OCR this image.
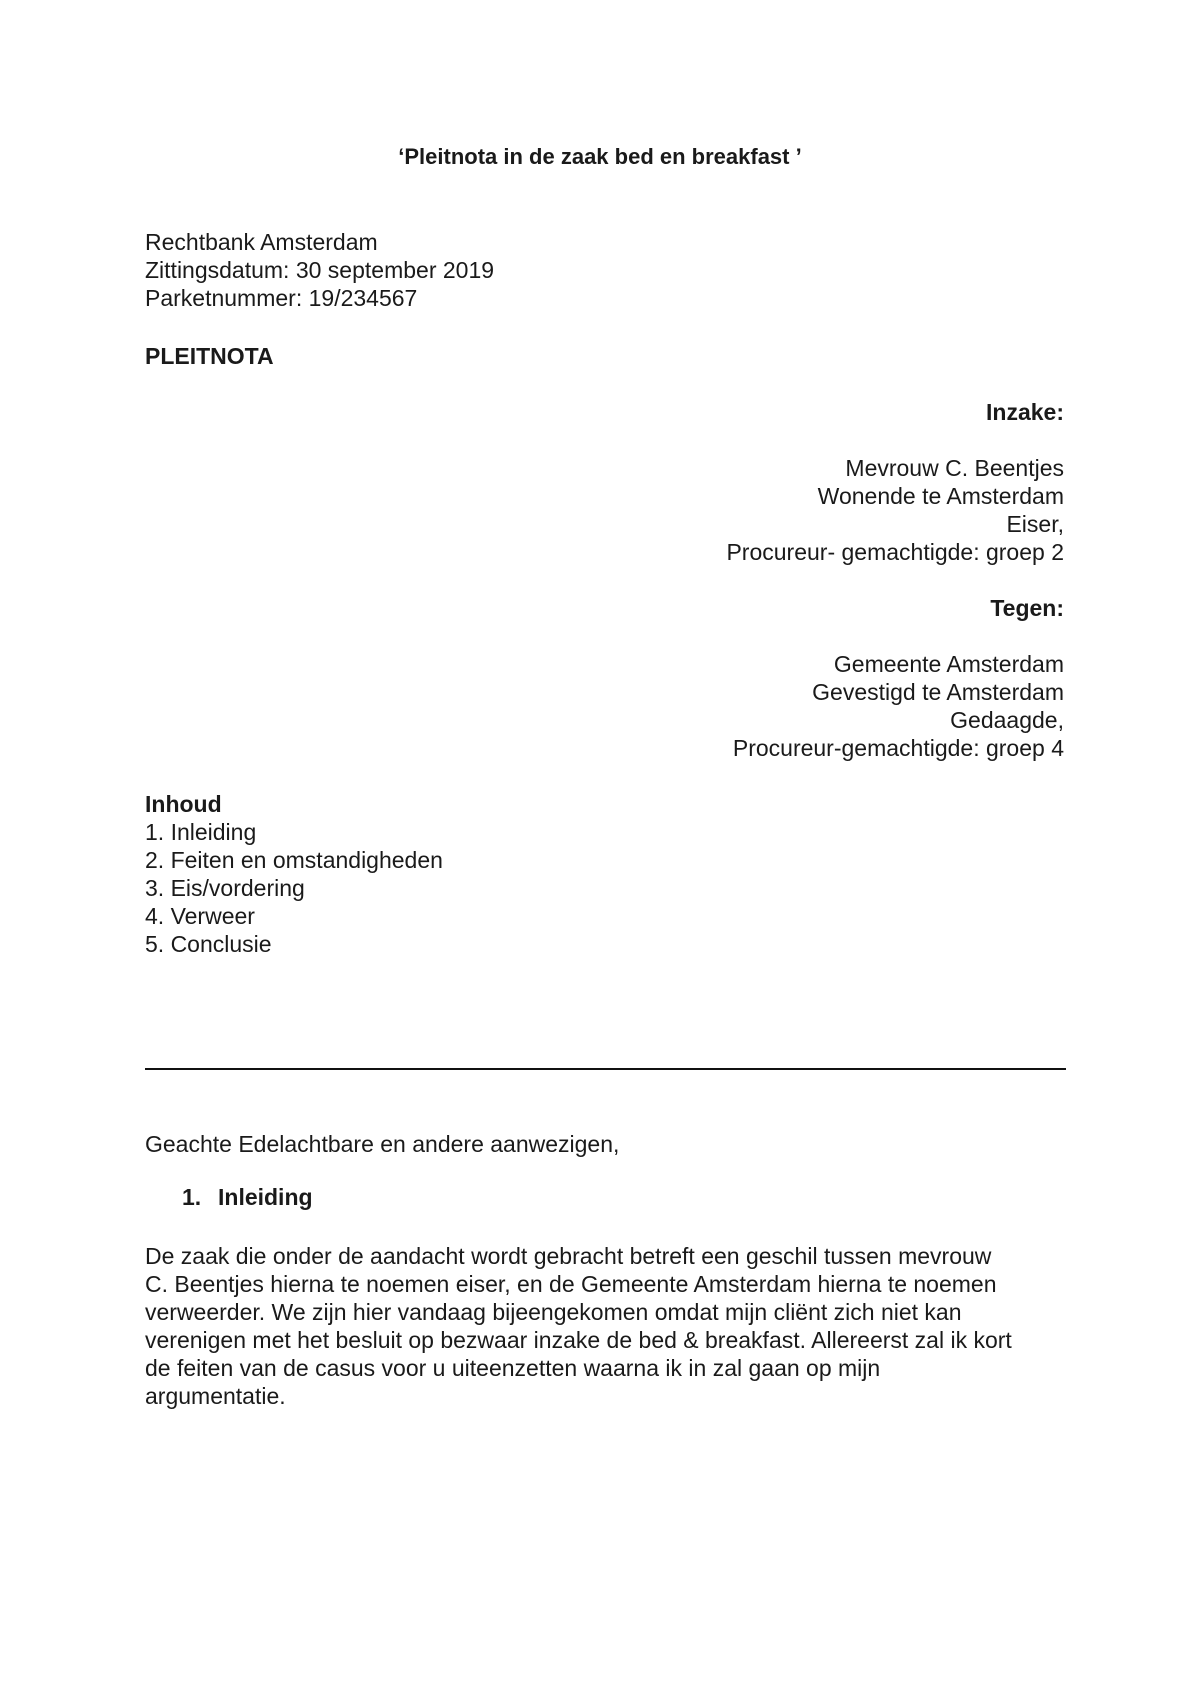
‘Pleitnota in de zaak bed en breakfast ’
Rechtbank Amsterdam
Zittingsdatum: 30 september 2019
Parketnummer: 19/234567
PLEITNOTA
Inzake:
Mevrouw C. Beentjes
Wonende te Amsterdam
Eiser,
Procureur- gemachtigde: groep 2
Tegen:
Gemeente Amsterdam
Gevestigd te Amsterdam
Gedaagde,
Procureur-gemachtigde: groep 4
Inhoud
1. Inleiding
2. Feiten en omstandigheden
3. Eis/vordering
4. Verweer
5. Conclusie
Geachte Edelachtbare en andere aanwezigen,
1. Inleiding
De zaak die onder de aandacht wordt gebracht betreft een geschil tussen mevrouw
C. Beentjes hierna te noemen eiser, en de Gemeente Amsterdam hierna te noemen
verweerder. We zijn hier vandaag bijeengekomen omdat mijn cliënt zich niet kan
verenigen met het besluit op bezwaar inzake de bed & breakfast. Allereerst zal ik kort
de feiten van de casus voor u uiteenzetten waarna ik in zal gaan op mijn
argumentatie.
